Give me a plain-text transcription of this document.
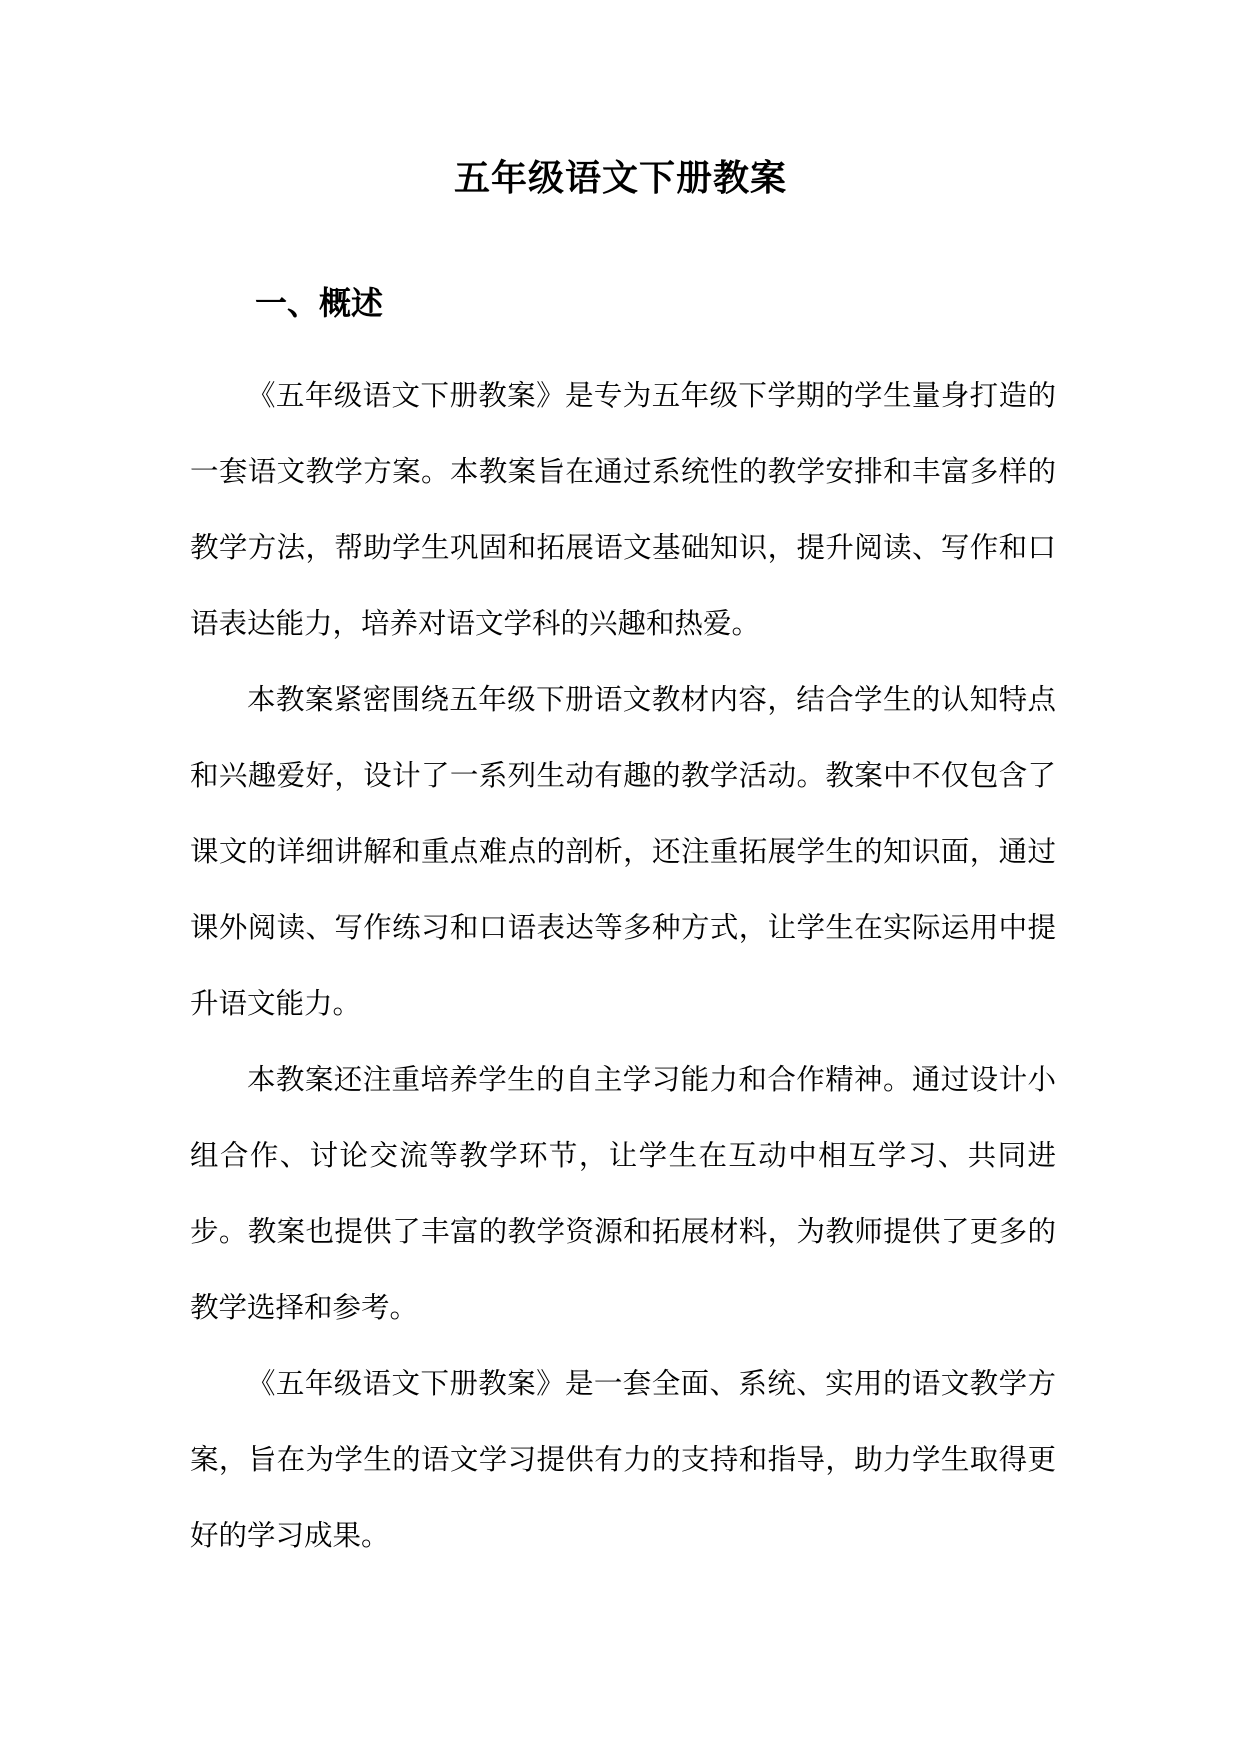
五年级语文下册教案
一、概述

《五年级语文下册教案》是专为五年级下学期的学生量身打造的一套语文教学方案。本教案旨在通过系统性的教学安排和丰富多样的教学方法，帮助学生巩固和拓展语文基础知识，提升阅读、写作和口语表达能力，培养对语文学科的兴趣和热爱。

本教案紧密围绕五年级下册语文教材内容，结合学生的认知特点和兴趣爱好，设计了一系列生动有趣的教学活动。教案中不仅包含了课文的详细讲解和重点难点的剖析，还注重拓展学生的知识面，通过课外阅读、写作练习和口语表达等多种方式，让学生在实际运用中提升语文能力。

本教案还注重培养学生的自主学习能力和合作精神。通过设计小组合作、讨论交流等教学环节，让学生在互动中相互学习、共同进步。教案也提供了丰富的教学资源和拓展材料，为教师提供了更多的教学选择和参考。

《五年级语文下册教案》是一套全面、系统、实用的语文教学方案，旨在为学生的语文学习提供有力的支持和指导，助力学生取得更好的学习成果。
